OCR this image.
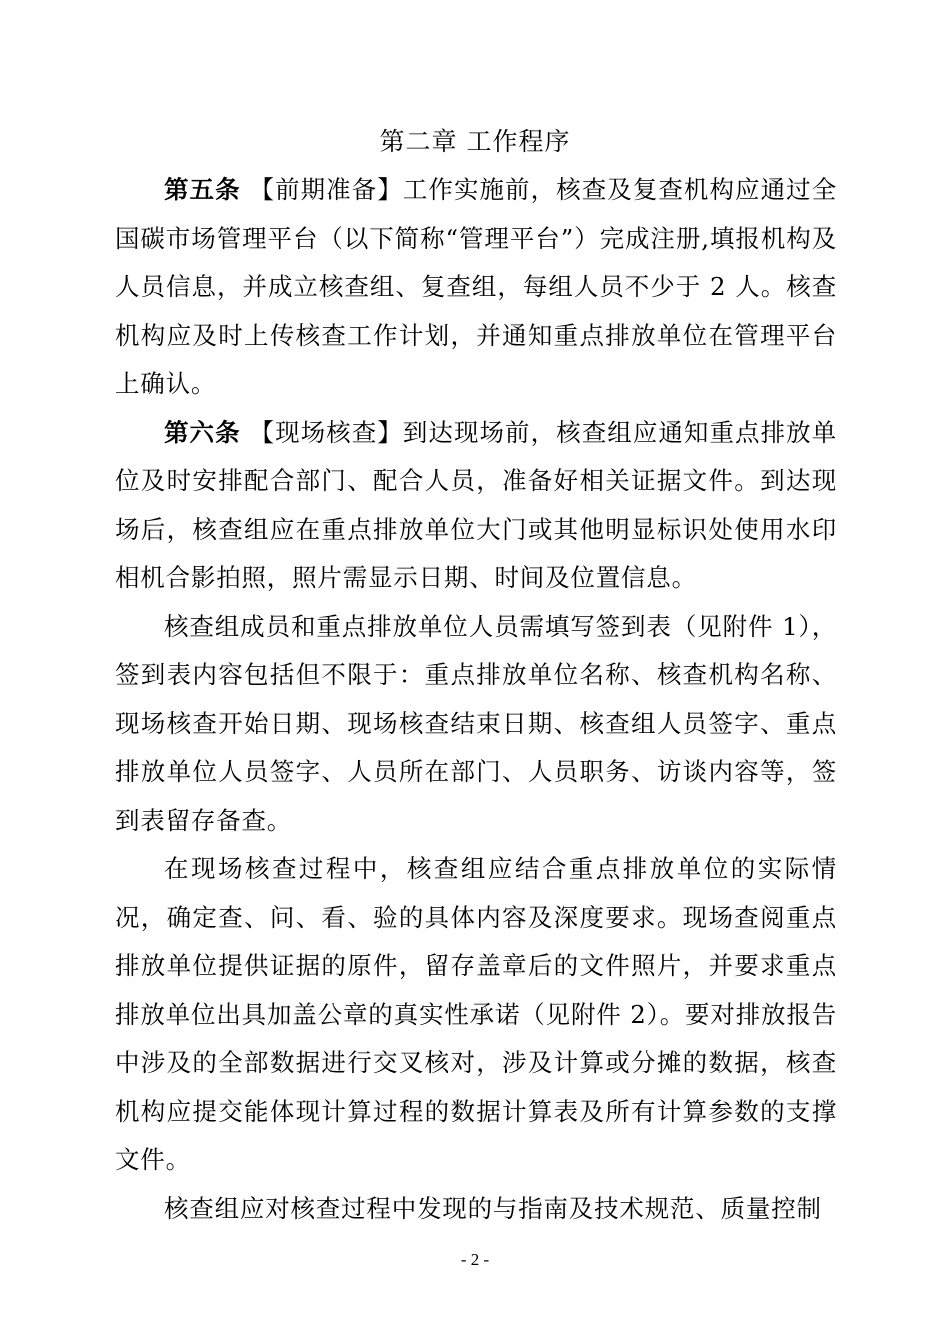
第二章 工作程序

第五条 【前期准备】工作实施前，核查及复查机构应通过全国碳市场管理平台（以下简称“管理平台”）完成注册,填报机构及人员信息，并成立核查组、复查组，每组人员不少于 2 人。核查机构应及时上传核查工作计划，并通知重点排放单位在管理平台上确认。

第六条 【现场核查】到达现场前，核查组应通知重点排放单位及时安排配合部门、配合人员，准备好相关证据文件。到达现场后，核查组应在重点排放单位大门或其他明显标识处使用水印相机合影拍照，照片需显示日期、时间及位置信息。

核查组成员和重点排放单位人员需填写签到表（见附件 1），签到表内容包括但不限于：重点排放单位名称、核查机构名称、现场核查开始日期、现场核查结束日期、核查组人员签字、重点排放单位人员签字、人员所在部门、人员职务、访谈内容等，签到表留存备查。

在现场核查过程中，核查组应结合重点排放单位的实际情况，确定查、问、看、验的具体内容及深度要求。现场查阅重点排放单位提供证据的原件，留存盖章后的文件照片，并要求重点排放单位出具加盖公章的真实性承诺（见附件 2）。要对排放报告中涉及的全部数据进行交叉核对，涉及计算或分摊的数据，核查机构应提交能体现计算过程的数据计算表及所有计算参数的支撑文件。

核查组应对核查过程中发现的与指南及技术规范、质量控制

- 2 -
